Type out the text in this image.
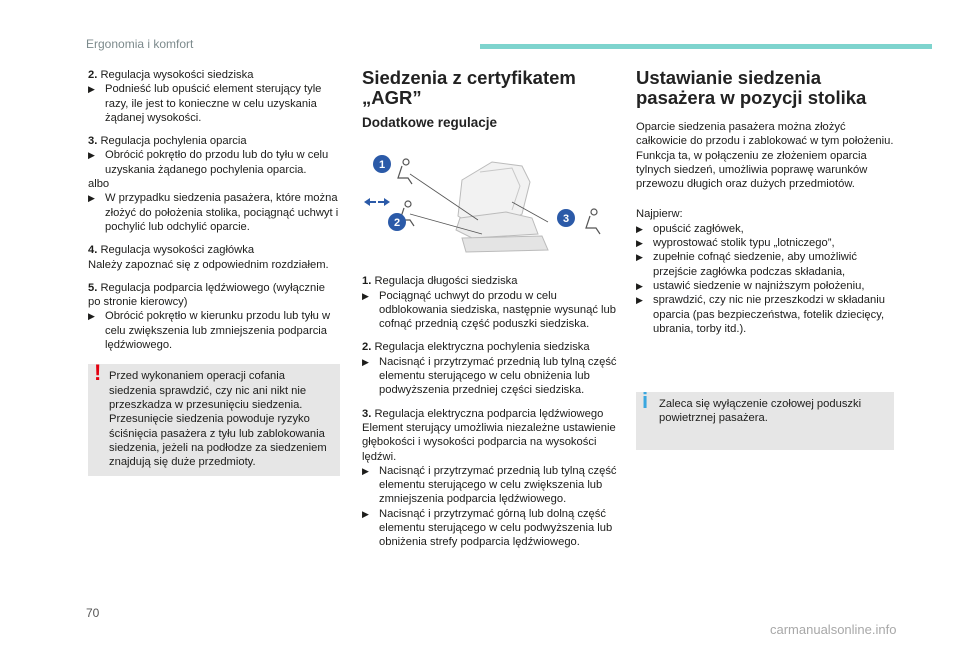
Ergonomia i komfort

2. Regulacja wysokości siedziska

▶ Podnieść lub opuścić element sterujący tyle razy, ile jest to konieczne w celu uzyskania żądanej wysokości.

3. Regulacja pochylenia oparcia

▶ Obrócić pokrętło do przodu lub do tyłu w celu uzyskania żądanego pochylenia oparcia.

albo

▶ W przypadku siedzenia pasażera, które można złożyć do położenia stolika, pociągnąć uchwyt i pochylić lub odchylić oparcie.

4. Regulacja wysokości zagłówka

Należy zapoznać się z odpowiednim rozdziałem.

5. Regulacja podparcia lędźwiowego (wyłącznie po stronie kierowcy)

▶ Obrócić pokrętło w kierunku przodu lub tyłu w celu zwiększenia lub zmniejszenia podparcia lędźwiowego.

! Przed wykonaniem operacji cofania siedzenia sprawdzić, czy nic ani nikt nie przeszkadza w przesunięciu siedzenia. Przesunięcie siedzenia powoduje ryzyko ściśnięcia pasażera z tyłu lub zablokowania siedzenia, jeżeli na podłodze za siedzeniem znajdują się duże przedmioty.

Siedzenia z certyfikatem
„AGR”
Dodatkowe regulacje
1
2	3

1. Regulacja długości siedziska

▶ Pociągnąć uchwyt do przodu w celu odblokowania siedziska, następnie wysunąć lub cofnąć przednią część poduszki siedziska.

2. Regulacja elektryczna pochylenia siedziska

▶ Nacisnąć i przytrzymać przednią lub tylną część elementu sterującego w celu obniżenia lub podwyższenia przedniej części siedziska.

3. Regulacja elektryczna podparcia lędźwiowego

Element sterujący umożliwia niezależne ustawienie głębokości i wysokości podparcia na wysokości lędźwi.

▶ Nacisnąć i przytrzymać przednią lub tylną część elementu sterującego w celu zwiększenia lub zmniejszenia podparcia lędźwiowego.

▶ Nacisnąć i przytrzymać górną lub dolną część elementu sterującego w celu podwyższenia lub obniżenia strefy podparcia lędźwiowego.

Ustawianie siedzenia
pasażera w pozycji stolika

Oparcie siedzenia pasażera można złożyć całkowicie do przodu i zablokować w tym położeniu.

Funkcja ta, w połączeniu ze złożeniem oparcia tylnych siedzeń, umożliwia poprawę warunków przewozu długich oraz dużych przedmiotów.

Najpierw:

▶ opuścić zagłówek,

▶ wyprostować stolik typu „lotniczego”,

▶ zupełnie cofnąć siedzenie, aby umożliwić przejście zagłówka podczas składania,

▶ ustawić siedzenie w najniższym położeniu,

▶ sprawdzić, czy nic nie przeszkodzi w składaniu oparcia (pas bezpieczeństwa, fotelik dziecięcy, ubrania, torby itd.).

i Zaleca się wyłączenie czołowej poduszki powietrznej pasażera.

70
carmanualsonline.info
